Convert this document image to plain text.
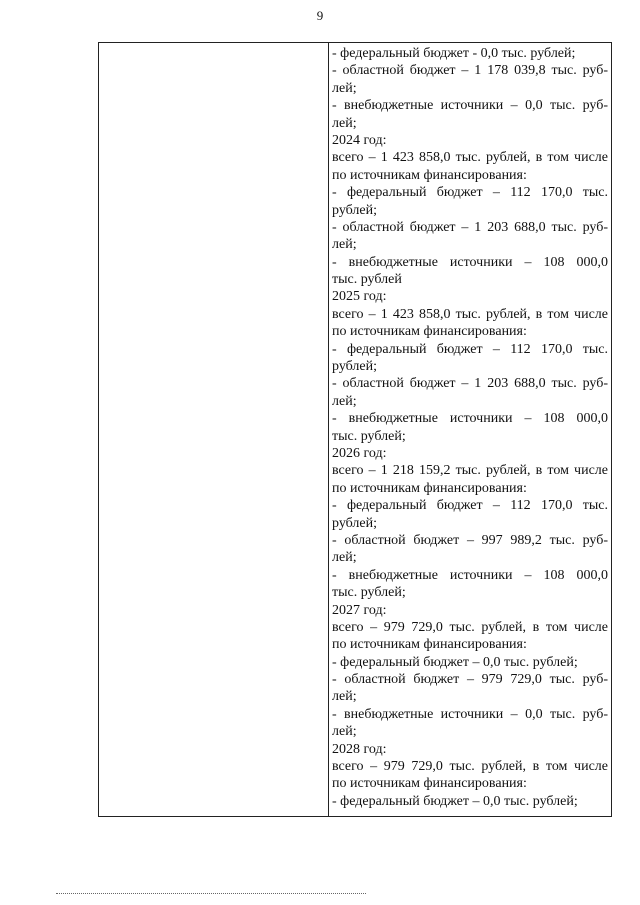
9
- федеральный бюджет - 0,0 тыс. рублей;
- областной бюджет – 1 178 039,8 тыс. руб-
лей;
- внебюджетные источники – 0,0 тыс. руб-
лей;
2024 год:
всего – 1 423 858,0 тыс. рублей, в том числе
по источникам финансирования:
- федеральный бюджет – 112 170,0 тыс.
рублей;
- областной бюджет – 1 203 688,0 тыс. руб-
лей;
- внебюджетные источники – 108 000,0
тыс. рублей
2025 год:
всего – 1 423 858,0 тыс. рублей, в том числе
по источникам финансирования:
- федеральный бюджет – 112 170,0 тыс.
рублей;
- областной бюджет – 1 203 688,0 тыс. руб-
лей;
- внебюджетные источники – 108 000,0
тыс. рублей;
2026 год:
всего – 1 218 159,2 тыс. рублей, в том числе
по источникам финансирования:
- федеральный бюджет – 112 170,0 тыс.
рублей;
- областной бюджет – 997 989,2 тыс. руб-
лей;
- внебюджетные источники – 108 000,0
тыс. рублей;
2027 год:
всего – 979 729,0 тыс. рублей, в том числе
по источникам финансирования:
- федеральный бюджет – 0,0 тыс. рублей;
- областной бюджет – 979 729,0 тыс. руб-
лей;
- внебюджетные источники – 0,0 тыс. руб-
лей;
2028 год:
всего – 979 729,0 тыс. рублей, в том числе
по источникам финансирования:
- федеральный бюджет – 0,0 тыс. рублей;
